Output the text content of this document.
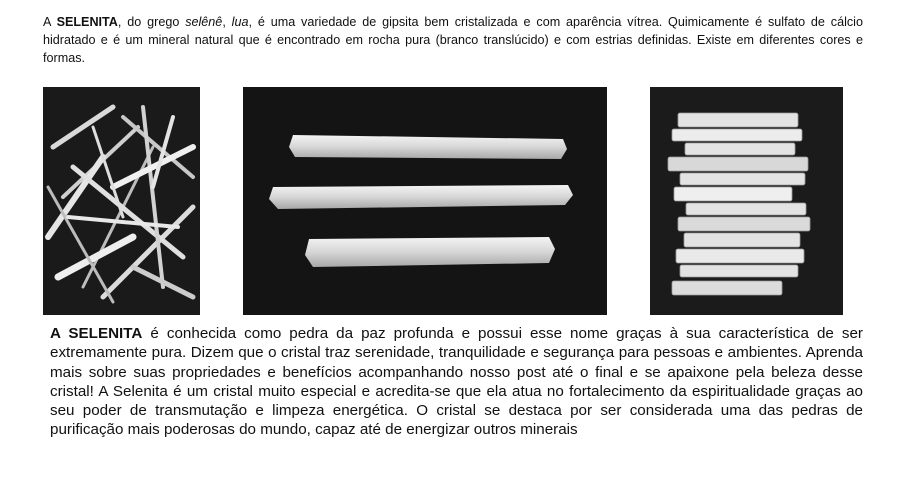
A SELENITA, do grego selênê, lua, é uma variedade de gipsita bem cristalizada e com aparência vítrea. Quimicamente é sulfato de cálcio hidratado e é um mineral natural que é encontrado em rocha pura (branco translúcido) e com estrias definidas. Existe em diferentes cores e formas.

A SELENITA é conhecida como pedra da paz profunda e possui esse nome graças à sua característica de ser extremamente pura. Dizem que o cristal traz serenidade, tranquilidade e segurança para pessoas e ambientes. Aprenda mais sobre suas propriedades e benefícios acompanhando nosso post até o final e se apaixone pela beleza desse cristal! A Selenita é um cristal muito especial e acredita-se que ela atua no fortalecimento da espiritualidade graças ao seu poder de transmutação e limpeza energética. O cristal se destaca por ser considerada uma das pedras de purificação mais poderosas do mundo, capaz até de energizar outros minerais
